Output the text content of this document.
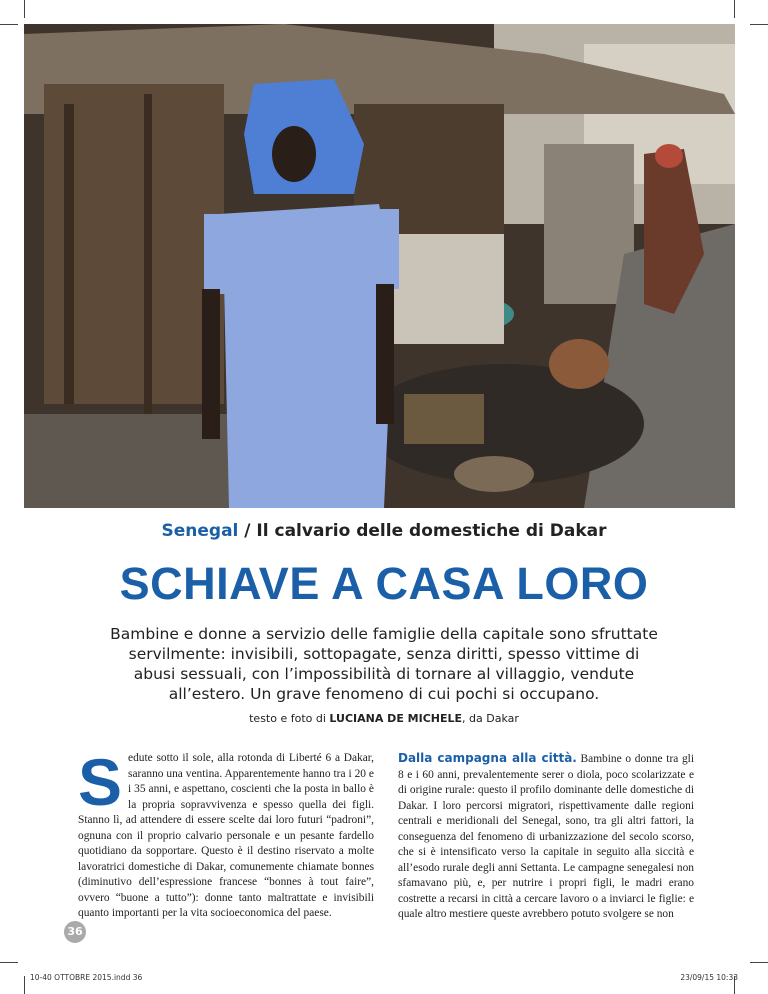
Senegal / Il calvario delle domestiche di Dakar
SCHIAVE A CASA LORO
Bambine e donne a servizio delle famiglie della capitale sono sfruttate servilmente: invisibili, sottopagate, senza diritti, spesso vittime di abusi sessuali, con l’impossibilità di tornare al villaggio, vendute all’estero. Un grave fenomeno di cui pochi si occupano.
testo e foto di LUCIANA DE MICHELE, da Dakar
Sedute sotto il sole, alla rotonda di Liberté 6 a Dakar, saranno una ventina. Apparentemente hanno tra i 20 e i 35 anni, e aspettano, coscienti che la posta in ballo è la propria sopravvivenza e spesso quella dei figli. Stanno lì, ad attendere di essere scelte dai loro futuri “padroni”, ognuna con il proprio calvario personale e un pesante fardello quotidiano da sopportare. Questo è il destino riservato a molte lavoratrici domestiche di Dakar, comunemente chiamate bonnes (diminutivo dell’espressione francese “bonnes à tout faire”, ovvero “buone a tutto”): donne tanto maltrattate e invisibili quanto importanti per la vita socioeconomica del paese.
Dalla campagna alla città. Bambine o donne tra gli 8 e i 60 anni, prevalentemente serer o diola, poco scolarizzate e di origine rurale: questo il profilo dominante delle domestiche di Dakar. I loro percorsi migratori, rispettivamente dalle regioni centrali e meridionali del Senegal, sono, tra gli altri fattori, la conseguenza del fenomeno di urbanizzazione del secolo scorso, che si è intensificato verso la capitale in seguito alla siccità e all’esodo rurale degli anni Settanta. Le campagne senegalesi non sfamavano più, e, per nutrire i propri figli, le madri erano costrette a recarsi in città a cercare lavoro o a inviarci le figlie: e quale altro mestiere queste avrebbero potuto svolgere se non
36
10-40 OTTOBRE 2015.indd 36	23/09/15 10:33
